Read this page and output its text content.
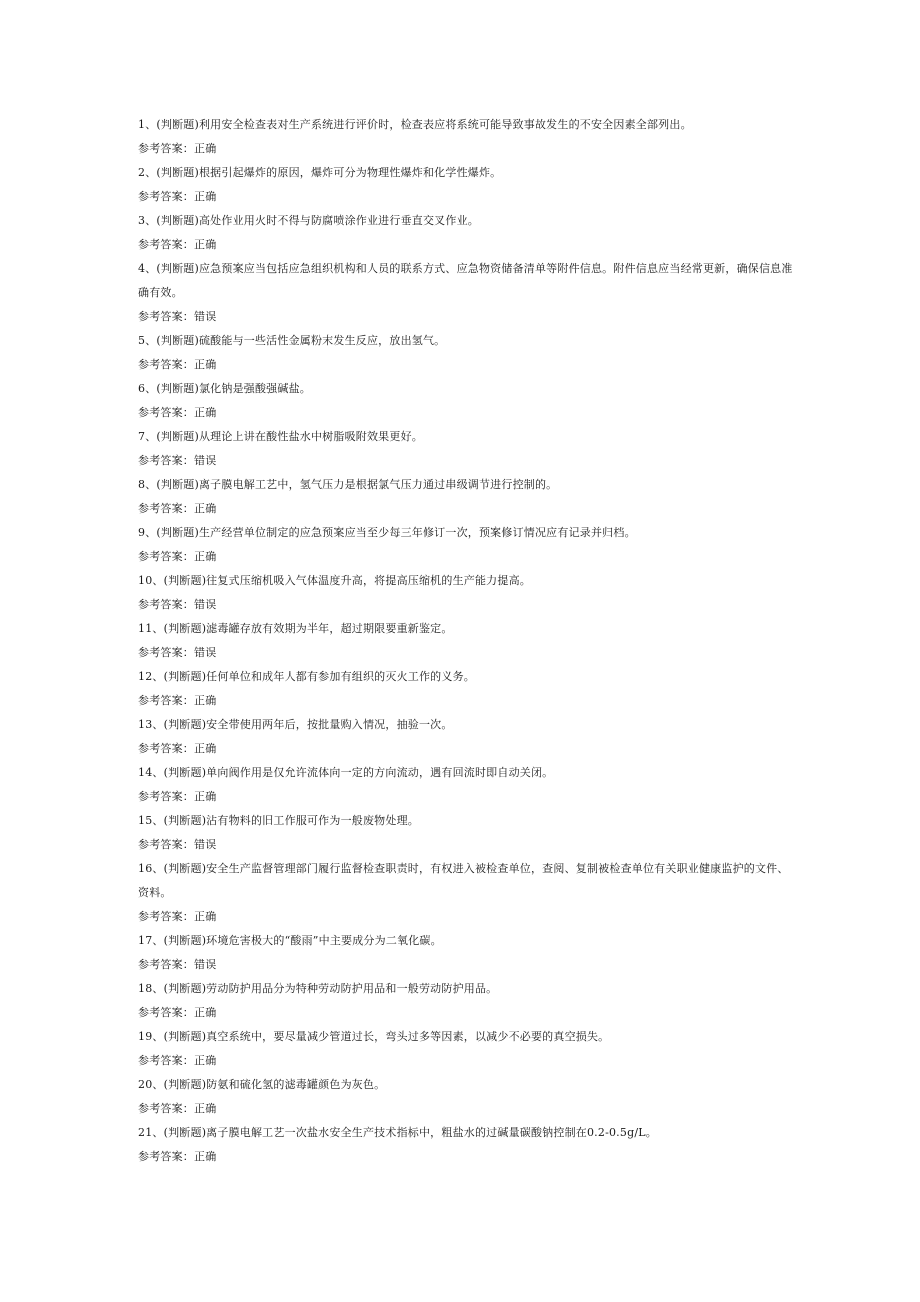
1、(判断题)利用安全检查表对生产系统进行评价时，检查表应将系统可能导致事故发生的不安全因素全部列出。

参考答案：正确

2、(判断题)根据引起爆炸的原因，爆炸可分为物理性爆炸和化学性爆炸。

参考答案：正确

3、(判断题)高处作业用火时不得与防腐喷涂作业进行垂直交叉作业。

参考答案：正确

4、(判断题)应急预案应当包括应急组织机构和人员的联系方式、应急物资储备清单等附件信息。附件信息应当经常更新，确保信息准确有效。

参考答案：错误

5、(判断题)硫酸能与一些活性金属粉末发生反应，放出氢气。

参考答案：正确

6、(判断题)氯化钠是强酸强碱盐。

参考答案：正确

7、(判断题)从理论上讲在酸性盐水中树脂吸附效果更好。

参考答案：错误

8、(判断题)离子膜电解工艺中，氢气压力是根据氯气压力通过串级调节进行控制的。

参考答案：正确

9、(判断题)生产经营单位制定的应急预案应当至少每三年修订一次，预案修订情况应有记录并归档。

参考答案：正确

10、(判断题)往复式压缩机吸入气体温度升高，将提高压缩机的生产能力提高。

参考答案：错误

11、(判断题)滤毒罐存放有效期为半年，超过期限要重新鉴定。

参考答案：错误

12、(判断题)任何单位和成年人都有参加有组织的灭火工作的义务。

参考答案：正确

13、(判断题)安全带使用两年后，按批量购入情况，抽验一次。

参考答案：正确

14、(判断题)单向阀作用是仅允许流体向一定的方向流动，遇有回流时即自动关闭。

参考答案：正确

15、(判断题)沾有物料的旧工作服可作为一般废物处理。

参考答案：错误

16、(判断题)安全生产监督管理部门履行监督检查职责时，有权进入被检查单位，查阅、复制被检查单位有关职业健康监护的文件、资料。

参考答案：正确

17、(判断题)环境危害极大的“酸雨”中主要成分为二氧化碳。

参考答案：错误

18、(判断题)劳动防护用品分为特种劳动防护用品和一般劳动防护用品。

参考答案：正确

19、(判断题)真空系统中，要尽量减少管道过长，弯头过多等因素，以减少不必要的真空损失。

参考答案：正确

20、(判断题)防氨和硫化氢的滤毒罐颜色为灰色。

参考答案：正确

21、(判断题)离子膜电解工艺一次盐水安全生产技术指标中，粗盐水的过碱量碳酸钠控制在0.2-0.5g/L。

参考答案：正确
